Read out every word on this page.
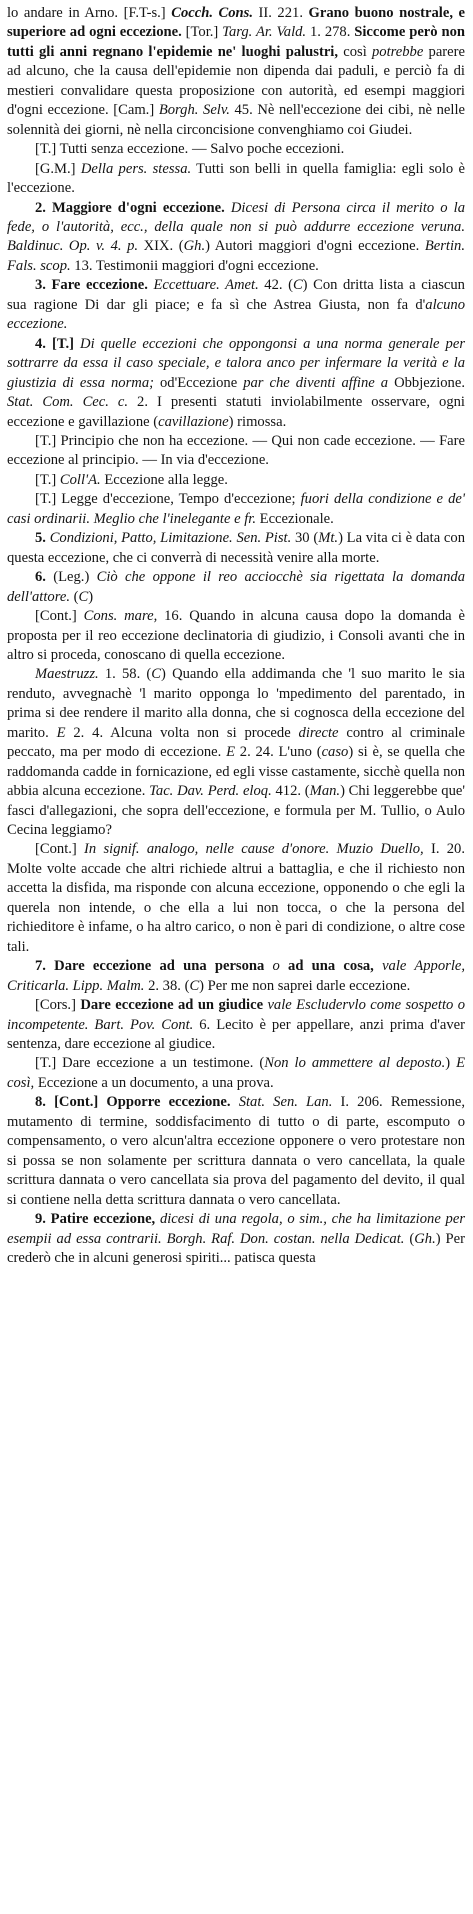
lo andare in Arno. [F.T-s.] Cocch. Cons. II. 221. Grano buono nostrale, e superiore ad ogni eccezione. [Tor.] Targ. Ar. Vald. 1. 278. Siccome però non tutti gli anni regnano l'epidemie ne' luoghi palustri, così potrebbe parere ad alcuno, che la causa dell'epidemie non dipenda dai paduli, e perciò fa di mestieri convalidare questa proposizione con autorità, ed esempi maggiori d'ogni eccezione. [Cam.] Borgh. Selv. 45. Nè nell'eccezione dei cibi, nè nelle solennità dei giorni, nè nella circoncisione convenghiamo coi Giudei.

[T.] Tutti senza eccezione. — Salvo poche eccezioni.

[G.M.] Della pers. stessa. Tutti son belli in quella famiglia: egli solo è l'eccezione.

2. Maggiore d'ogni eccezione. Dicesi di Persona circa il merito o la fede, o l'autorità, ecc., della quale non si può addurre eccezione veruna. Baldinuc. Op. v. 4. p. XIX. (Gh.) Autori maggiori d'ogni eccezione. Bertin. Fals. scop. 13. Testimonii maggiori d'ogni eccezione.

3. Fare eccezione. Eccettuare. Amet. 42. (C) Con dritta lista a ciascun sua ragione Di dar gli piace; e fa sì che Astrea Giusta, non fa d'alcuno eccezione.

4. [T.] Di quelle eccezioni che oppongonsi a una norma generale per sottrarre da essa il caso speciale, e talora anco per infermare la verità e la giustizia di essa norma; od'Eccezione par che diventi affine a Obbjezione. Stat. Com. Cec. c. 2. I presenti statuti inviolabilmente osservare, ogni eccezione e gavillazione (cavillazione) rimossa.

[T.] Principio che non ha eccezione. — Qui non cade eccezione. — Fare eccezione al principio. — In via d'eccezione.

[T.] Coll'A. Eccezione alla legge.

[T.] Legge d'eccezione, Tempo d'eccezione; fuori della condizione e de' casi ordinarii. Meglio che l'inelegante e fr. Eccezionale.

5. Condizioni, Patto, Limitazione. Sen. Pist. 30 (Mt.) La vita ci è data con questa eccezione, che ci converrà di necessità venire alla morte.

6. (Leg.) Ciò che oppone il reo acciocchè sia rigettata la domanda dell'attore. (C)

[Cont.] Cons. mare, 16. Quando in alcuna causa dopo la domanda è proposta per il reo eccezione declinatoria di giudizio, i Consoli avanti che in altro si proceda, conoscano di quella eccezione.

Maestruzz. 1. 58. (C) Quando ella addimanda che 'l suo marito le sia renduto, avvegnachè 'l marito opponga lo 'mpedimento del parentado, in prima si dee rendere il marito alla donna, che si cognosca della eccezione del marito. E 2. 4. Alcuna volta non si procede directe contro al criminale peccato, ma per modo di eccezione. E 2. 24. L'uno (caso) si è, se quella che raddomanda cadde in fornicazione, ed egli visse castamente, sicchè quella non abbia alcuna eccezione. Tac. Dav. Perd. eloq. 412. (Man.) Chi leggerebbe que' fasci d'allegazioni, che sopra dell'eccezione, e formula per M. Tullio, o Aulo Cecina leggiamo?

[Cont.] In signif. analogo, nelle cause d'onore. Muzio Duello, I. 20. Molte volte accade che altri richiede altrui a battaglia, e che il richiesto non accetta la disfida, ma risponde con alcuna eccezione, opponendo o che egli la querela non intende, o che ella a lui non tocca, o che la persona del richieditore è infame, o ha altro carico, o non è pari di condizione, o altre cose tali.

7. Dare eccezione ad una persona o ad una cosa, vale Apporle, Criticarla. Lipp. Malm. 2. 38. (C) Per me non saprei darle eccezione.

[Cors.] Dare eccezione ad un giudice vale Escludervlo come sospetto o incompetente. Bart. Pov. Cont. 6. Lecito è per appellare, anzi prima d'aver sentenza, dare eccezione al giudice.

[T.] Dare eccezione a un testimone. (Non lo ammettere al deposto.) E così, Eccezione a un documento, a una prova.

8. [Cont.] Opporre eccezione. Stat. Sen. Lan. I. 206. Remessione, mutamento di termine, soddisfacimento di tutto o di parte, escomputo o compensamento, o vero alcun'altra eccezione opponere o vero protestare non si possa se non solamente per scrittura dannata o vero cancellata, la quale scrittura dannata o vero cancellata sia prova del pagamento del devito, il qual si contiene nella detta scrittura dannata o vero cancellata.

9. Patire eccezione, dicesi di una regola, o sim., che ha limitazione per esempii ad essa contrarii. Borgh. Raf. Don. costan. nella Dedicat. (Gh.) Per crederò che in alcuni generosi spiriti... patisca questa
